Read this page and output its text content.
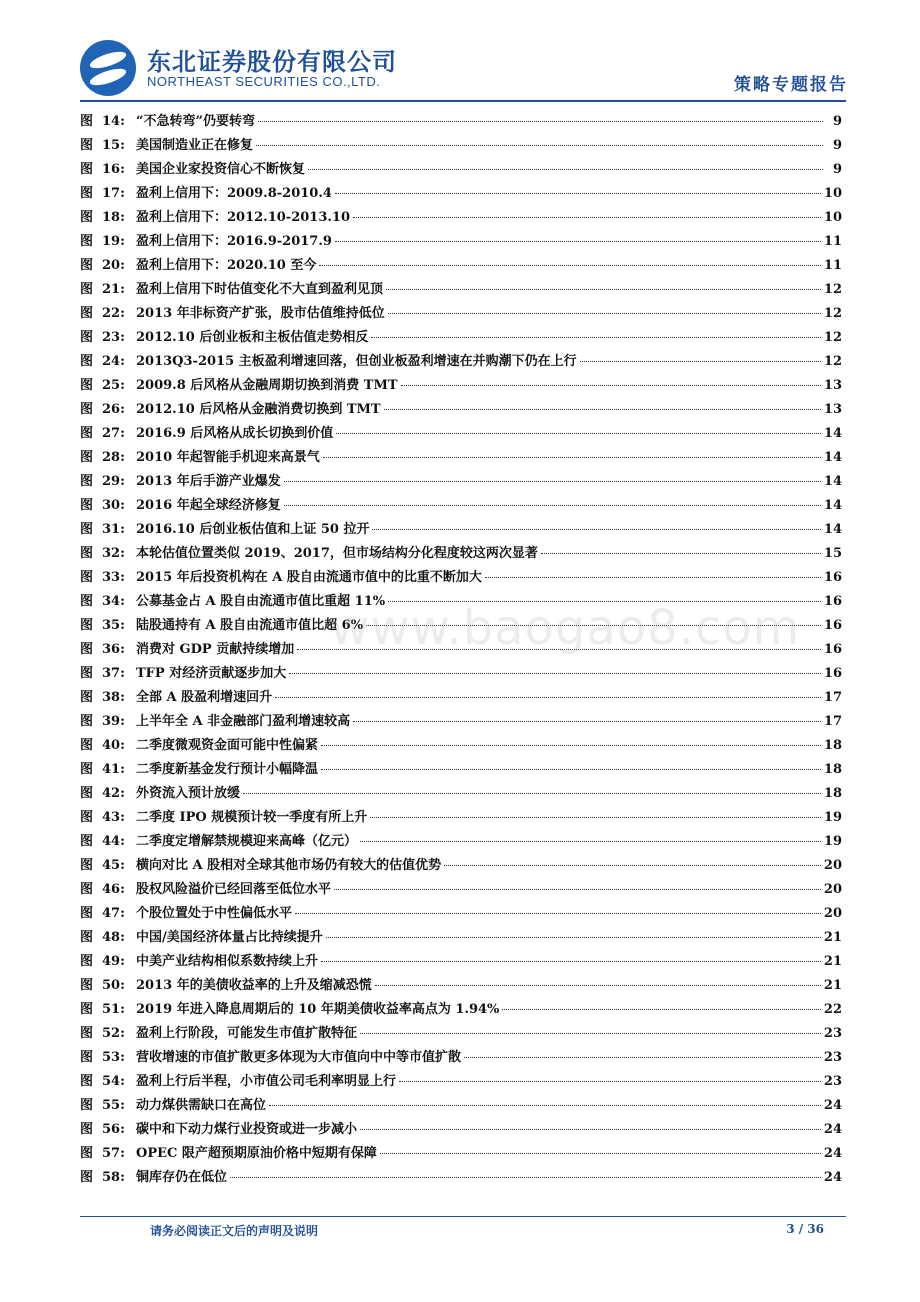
东北证券股份有限公司
NORTHEAST SECURITIES CO.,LTD.	策略专题报告
图 14: “不急转弯”仍要转弯	9
图 15: 美国制造业正在修复	9
图 16: 美国企业家投资信心不断恢复	9
图 17: 盈利上信用下：2009.8-2010.4	10
图 18: 盈利上信用下：2012.10-2013.10	10
图 19: 盈利上信用下：2016.9-2017.9	11
图 20: 盈利上信用下：2020.10 至今	11
图 21: 盈利上信用下时估值变化不大直到盈利见顶	12
图 22: 2013 年非标资产扩张，股市估值维持低位	12
图 23: 2012.10 后创业板和主板估值走势相反	12
图 24: 2013Q3-2015 主板盈利增速回落，但创业板盈利增速在并购潮下仍在上行	12
图 25: 2009.8 后风格从金融周期切换到消费 TMT	13
图 26: 2012.10 后风格从金融消费切换到 TMT	13
图 27: 2016.9 后风格从成长切换到价值	14
图 28: 2010 年起智能手机迎来高景气	14
图 29: 2013 年后手游产业爆发	14
图 30: 2016 年起全球经济修复	14
图 31: 2016.10 后创业板估值和上证 50 拉开	14
图 32: 本轮估值位置类似 2019、2017，但市场结构分化程度较这两次显著	15
图 33: 2015 年后投资机构在 A 股自由流通市值中的比重不断加大	16
图 34: 公募基金占 A 股自由流通市值比重超 11%	16
图 35: 陆股通持有 A 股自由流通市值比超 6%	16
图 36: 消费对 GDP 贡献持续增加	16
图 37: TFP 对经济贡献逐步加大	16
图 38: 全部 A 股盈利增速回升	17
图 39: 上半年全 A 非金融部门盈利增速较高	17
图 40: 二季度微观资金面可能中性偏紧	18
图 41: 二季度新基金发行预计小幅降温	18
图 42: 外资流入预计放缓	18
图 43: 二季度 IPO 规模预计较一季度有所上升	19
图 44: 二季度定增解禁规模迎来高峰（亿元）	19
图 45: 横向对比 A 股相对全球其他市场仍有较大的估值优势	20
图 46: 股权风险溢价已经回落至低位水平	20
图 47: 个股位置处于中性偏低水平	20
图 48: 中国/美国经济体量占比持续提升	21
图 49: 中美产业结构相似系数持续上升	21
图 50: 2013 年的美债收益率的上升及缩减恐慌	21
图 51: 2019 年进入降息周期后的 10 年期美债收益率高点为 1.94%	22
图 52: 盈利上行阶段，可能发生市值扩散特征	23
图 53: 营收增速的市值扩散更多体现为大市值向中中等市值扩散	23
图 54: 盈利上行后半程，小市值公司毛利率明显上行	23
图 55: 动力煤供需缺口在高位	24
图 56: 碳中和下动力煤行业投资或进一步减小	24
图 57: OPEC 限产超预期原油价格中短期有保障	24
图 58: 铜库存仍在低位	24
www.baogao8.com
请务必阅读正文后的声明及说明	3 / 36
